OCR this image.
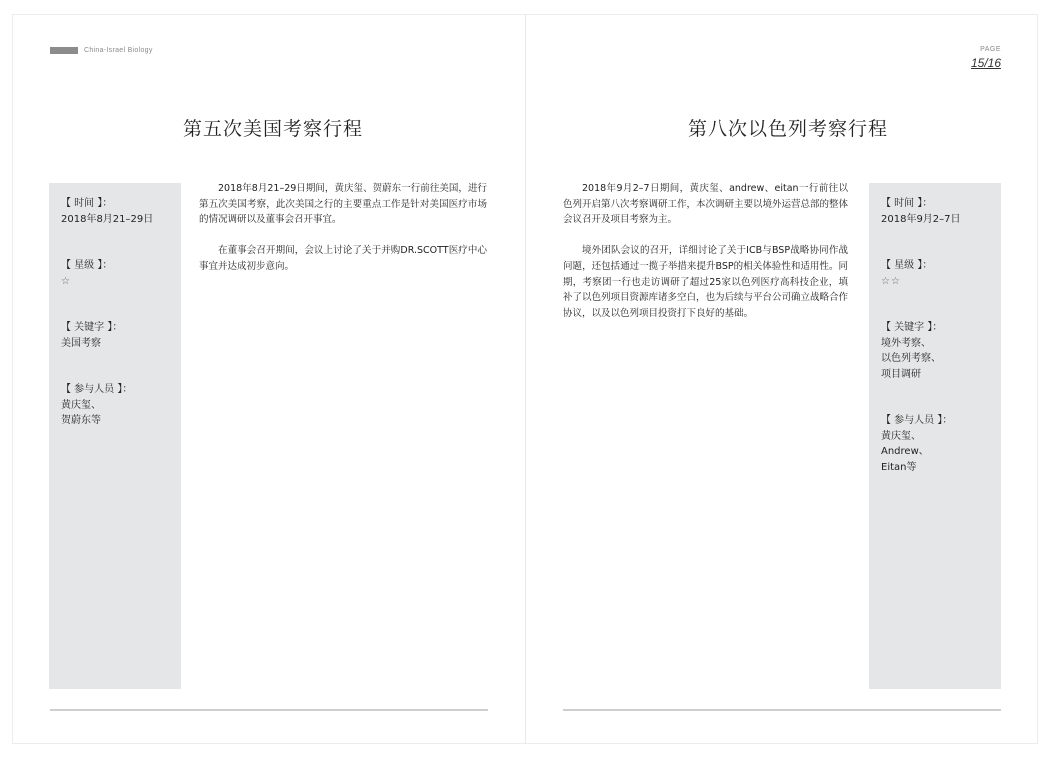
China-Israel Biology	PAGE
15/16
第五次美国考察行程
【 时间 】：
2018年8月21–29日
【 星级 】：
☆
【 关键字 】：
美国考察
【 参与人员 】：
黄庆玺、
贺蔚东等

2018年8月21–29日期间，黄庆玺、贺蔚东一行前往美国，进行第五次美国考察，此次美国之行的主要重点工作是针对美国医疗市场的情况调研以及董事会召开事宜。

在董事会召开期间，会议上讨论了关于并购DR.SCOTT医疗中心事宜并达成初步意向。

第八次以色列考察行程

2018年9月2–7日期间，黄庆玺、andrew、eitan一行前往以色列开启第八次考察调研工作，本次调研主要以境外运营总部的整体会议召开及项目考察为主。

境外团队会议的召开，详细讨论了关于ICB与BSP战略协同作战问题，还包括通过一揽子举措来提升BSP的相关体验性和适用性。同期，考察团一行也走访调研了超过25家以色列医疗高科技企业，填补了以色列项目资源库诸多空白，也为后续与平台公司确立战略合作协议，以及以色列项目投资打下良好的基础。

【 时间 】：
2018年9月2–7日
【 星级 】：
☆☆
【 关键字 】：
境外考察、
以色列考察、
项目调研
【 参与人员 】：
黄庆玺、
Andrew、
Eitan等
